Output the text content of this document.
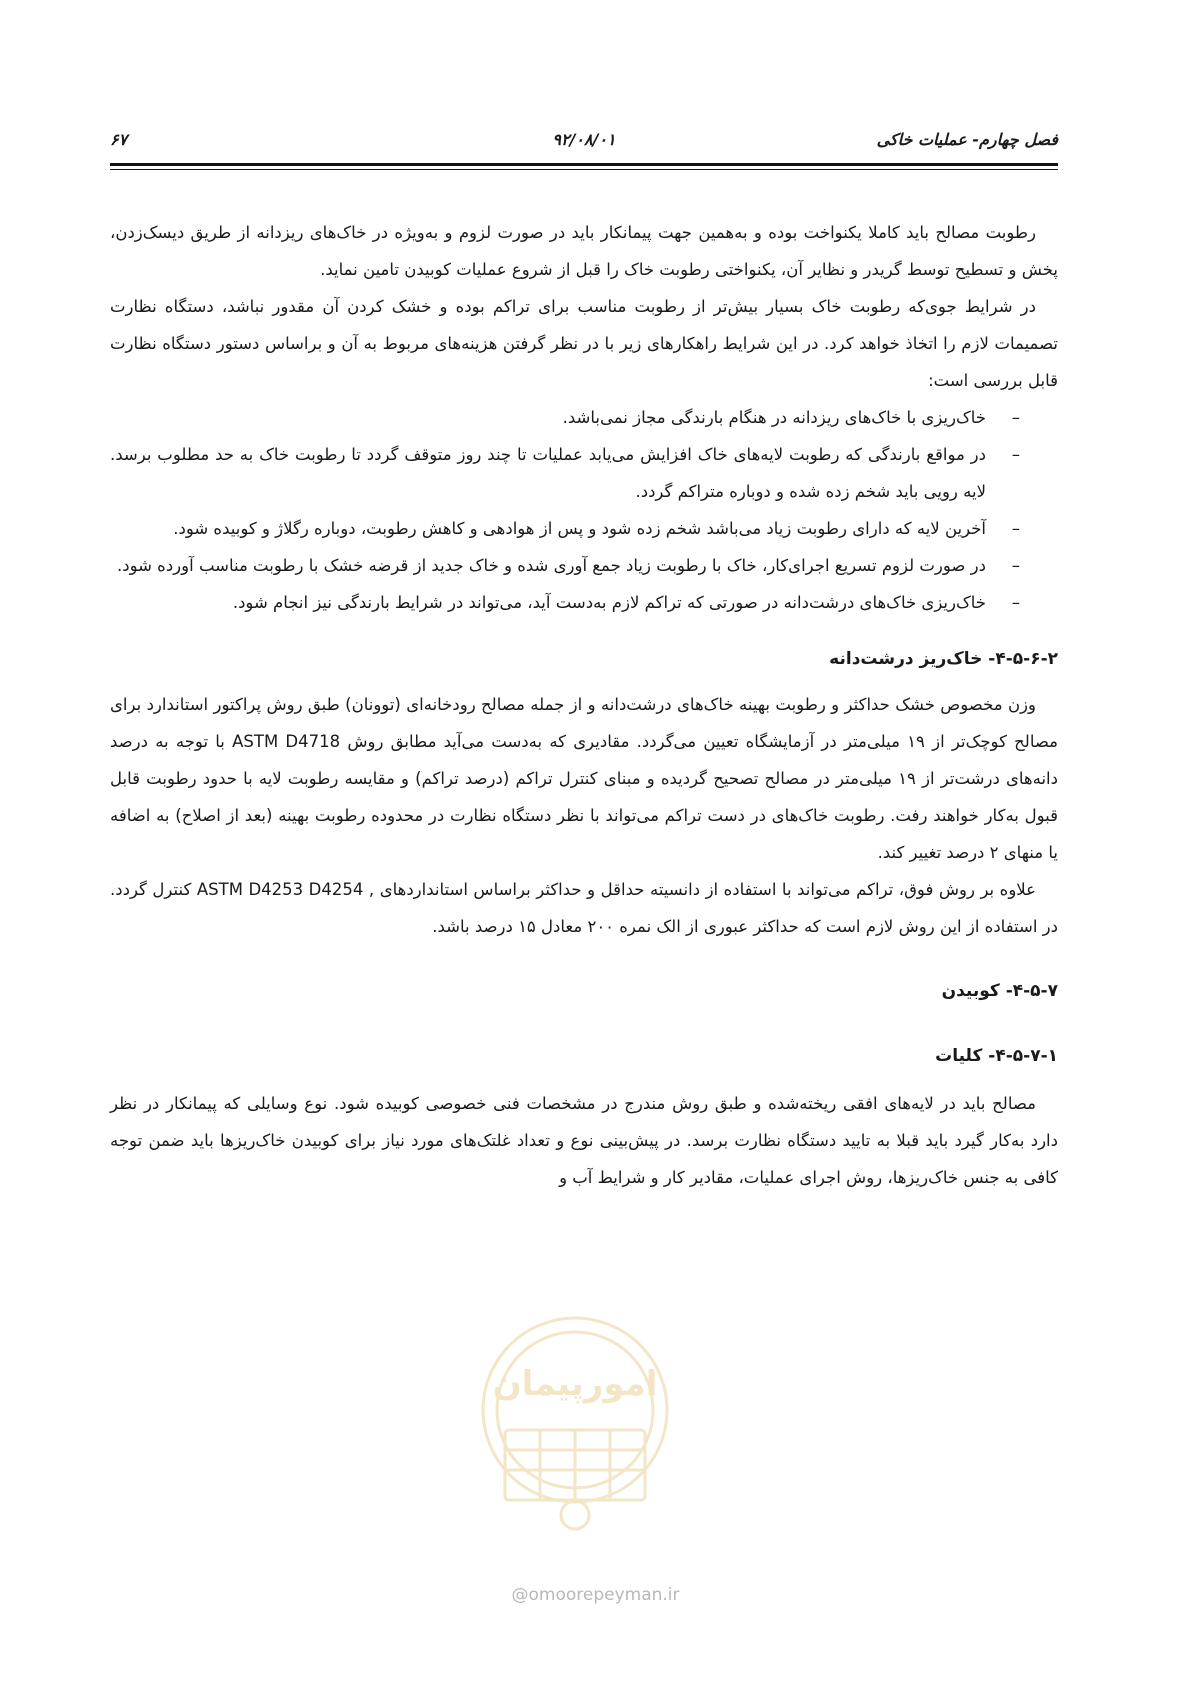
فصل چهارم- عملیات خاکی
۹۲/۰۸/۰۱
۶۷

رطوبت مصالح باید کاملا یکنواخت بوده و به‌همین جهت پیمانکار باید در صورت لزوم و به‌ویژه در خاک‌های ریزدانه از طریق دیسک‌زدن، پخش و تسطیح توسط گریدر و نظایر آن، یکنواختی رطوبت خاک را قبل از شروع عملیات کوبیدن تامین نماید.

در شرایط جوی‌که رطوبت خاک بسیار بیش‌تر از رطوبت مناسب برای تراکم بوده و خشک کردن آن مقدور نباشد، دستگاه نظارت تصمیمات لازم را اتخاذ خواهد کرد. در این شرایط راهکارهای زیر با در نظر گرفتن هزینه‌های مربوط به آن و براساس دستور دستگاه نظارت قابل بررسی است:

– خاک‌ریزی با خاک‌های ریزدانه در هنگام بارندگی مجاز نمی‌باشد.
– در مواقع بارندگی که رطوبت لایه‌های خاک افزایش می‌یابد عملیات تا چند روز متوقف گردد تا رطوبت خاک به حد مطلوب برسد. لایه رویی باید شخم زده شده و دوباره متراکم گردد.
– آخرین لایه که دارای رطوبت زیاد می‌باشد شخم زده شود و پس از هوادهی و کاهش رطوبت، دوباره رگلاژ و کوبیده شود.
– در صورت لزوم تسریع اجرای‌کار، خاک با رطوبت زیاد جمع آوری شده و خاک جدید از قرضه خشک با رطوبت مناسب آورده شود.
– خاک‌ریزی خاک‌های درشت‌دانه در صورتی که تراکم لازم به‌دست آید، می‌تواند در شرایط بارندگی نیز انجام شود.
۴-۵-۶-۲- خاک‌ریز درشت‌دانه

وزن مخصوص خشک حداکثر و رطوبت بهینه خاک‌های درشت‌دانه و از جمله مصالح رودخانه‌ای (توونان) طبق روش پراکتور استاندارد برای مصالح کوچک‌تر از ۱۹ میلی‌متر در آزمایشگاه تعیین می‌گردد. مقادیری که به‌دست می‌آید مطابق روش ASTM D4718 با توجه به درصد دانه‌های درشت‌تر از ۱۹ میلی‌متر در مصالح تصحیح گردیده و مبنای کنترل تراکم (درصد تراکم) و مقایسه رطوبت لایه با حدود رطوبت قابل قبول به‌کار خواهند رفت. رطوبت خاک‌های در دست تراکم می‌تواند با نظر دستگاه نظارت در محدوده رطوبت بهینه (بعد از اصلاح) به اضافه یا منهای ۲ درصد تغییر کند.

علاوه بر روش فوق، تراکم می‌تواند با استفاده از دانسیته حداقل و حداکثر براساس استانداردهای , ASTM D4253 D4254 کنترل گردد. در استفاده از این روش لازم است که حداکثر عبوری از الک نمره ۲۰۰ معادل ۱۵ درصد باشد.

۴-۵-۷- کوبیدن
۴-۵-۷-۱- کلیات

مصالح باید در لایه‌های افقی ریخته‌شده و طبق روش مندرج در مشخصات فنی خصوصی کوبیده شود. نوع وسایلی که پیمانکار در نظر دارد به‌کار گیرد باید قبلا به تایید دستگاه نظارت برسد. در پیش‌بینی نوع و تعداد غلتک‌های مورد نیاز برای کوبیدن خاک‌ریزها باید ضمن توجه کافی به جنس خاک‌ریزها، روش اجرای عملیات، مقادیر کار و شرایط آب و

امورپیمان
@omoorepeyman.ir
